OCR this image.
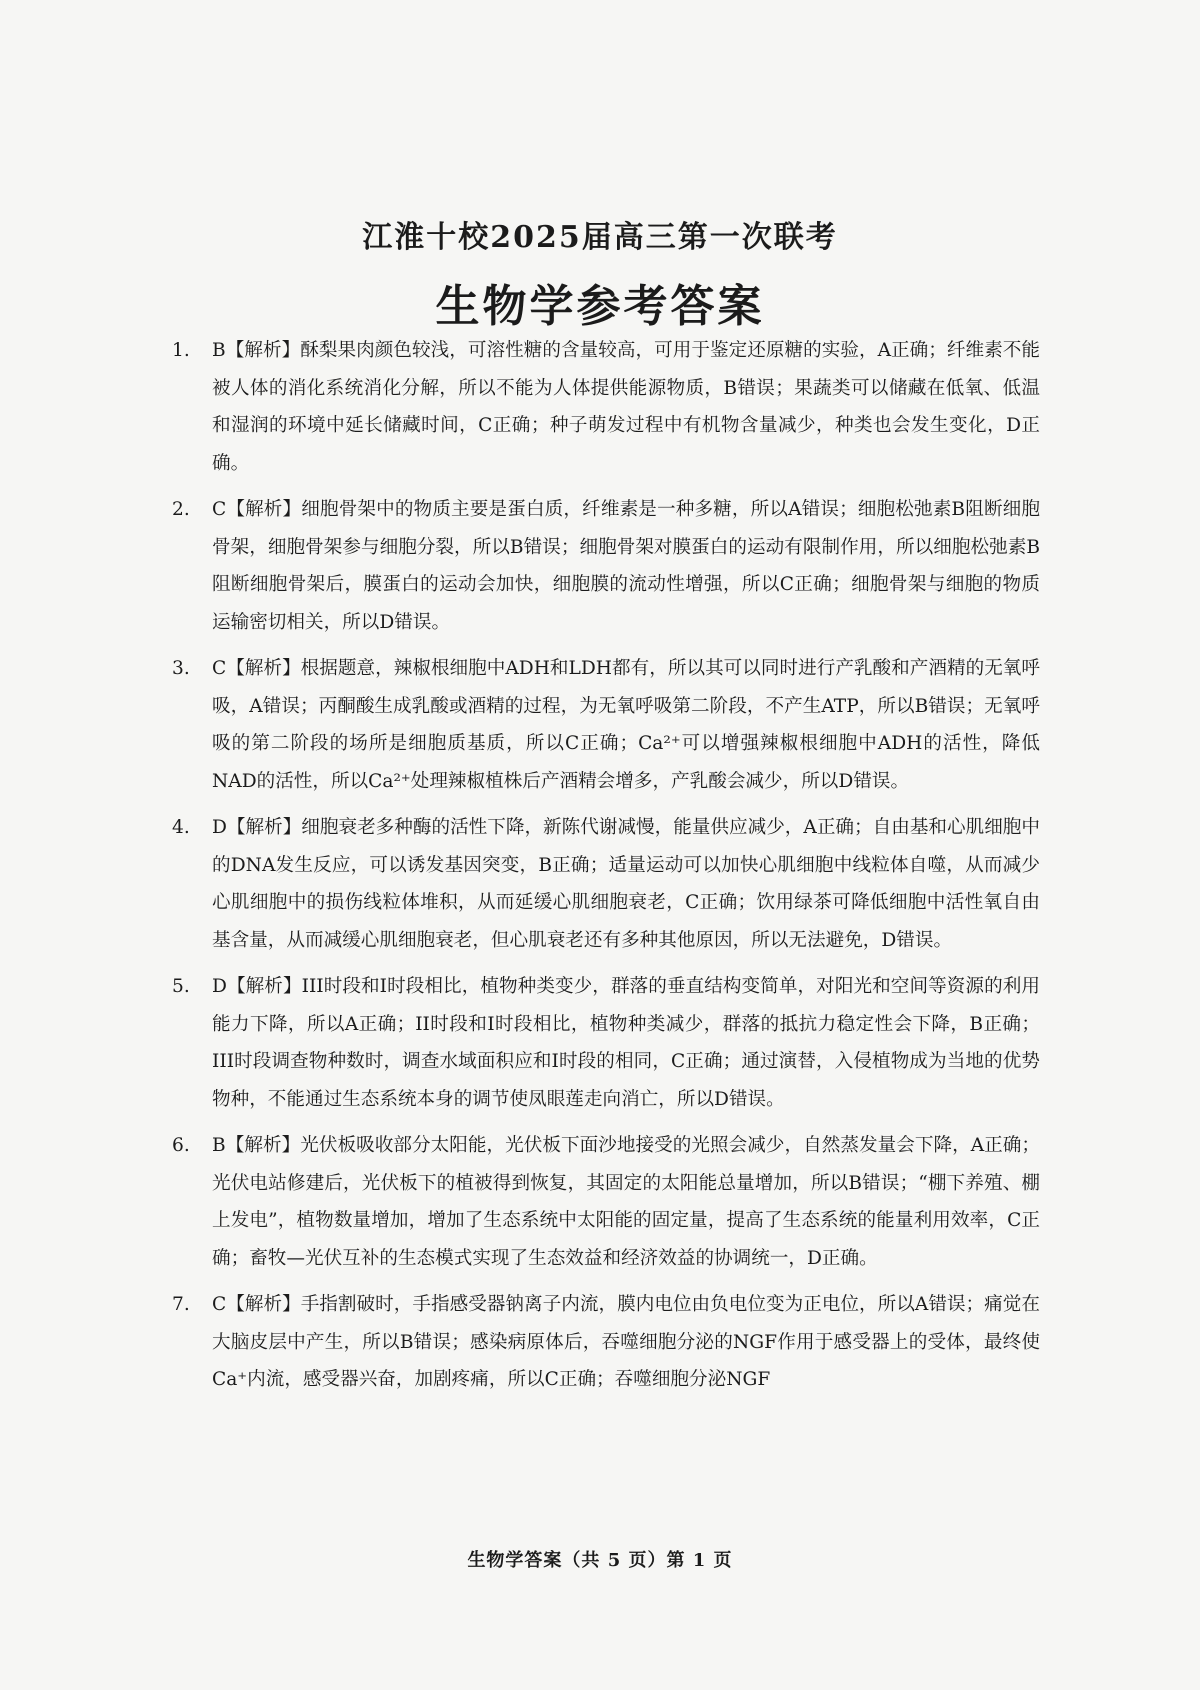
江淮十校2025届高三第一次联考
生物学参考答案
1. B【解析】酥梨果肉颜色较浅，可溶性糖的含量较高，可用于鉴定还原糖的实验，A正确；纤维素不能被人体的消化系统消化分解，所以不能为人体提供能源物质，B错误；果蔬类可以储藏在低氧、低温和湿润的环境中延长储藏时间，C正确；种子萌发过程中有机物含量减少，种类也会发生变化，D正确。
2. C【解析】细胞骨架中的物质主要是蛋白质，纤维素是一种多糖，所以A错误；细胞松弛素B阻断细胞骨架，细胞骨架参与细胞分裂，所以B错误；细胞骨架对膜蛋白的运动有限制作用，所以细胞松弛素B阻断细胞骨架后，膜蛋白的运动会加快，细胞膜的流动性增强，所以C正确；细胞骨架与细胞的物质运输密切相关，所以D错误。
3. C【解析】根据题意，辣椒根细胞中ADH和LDH都有，所以其可以同时进行产乳酸和产酒精的无氧呼吸，A错误；丙酮酸生成乳酸或酒精的过程，为无氧呼吸第二阶段，不产生ATP，所以B错误；无氧呼吸的第二阶段的场所是细胞质基质，所以C正确；Ca²⁺可以增强辣椒根细胞中ADH的活性，降低NAD的活性，所以Ca²⁺处理辣椒植株后产酒精会增多，产乳酸会减少，所以D错误。
4. D【解析】细胞衰老多种酶的活性下降，新陈代谢减慢，能量供应减少，A正确；自由基和心肌细胞中的DNA发生反应，可以诱发基因突变，B正确；适量运动可以加快心肌细胞中线粒体自噬，从而减少心肌细胞中的损伤线粒体堆积，从而延缓心肌细胞衰老，C正确；饮用绿茶可降低细胞中活性氧自由基含量，从而减缓心肌细胞衰老，但心肌衰老还有多种其他原因，所以无法避免，D错误。
5. D【解析】III时段和I时段相比，植物种类变少，群落的垂直结构变简单，对阳光和空间等资源的利用能力下降，所以A正确；II时段和I时段相比，植物种类减少，群落的抵抗力稳定性会下降，B正确；III时段调查物种数时，调查水域面积应和I时段的相同，C正确；通过演替，入侵植物成为当地的优势物种，不能通过生态系统本身的调节使凤眼莲走向消亡，所以D错误。
6. B【解析】光伏板吸收部分太阳能，光伏板下面沙地接受的光照会减少，自然蒸发量会下降，A正确；光伏电站修建后，光伏板下的植被得到恢复，其固定的太阳能总量增加，所以B错误；“棚下养殖、棚上发电”，植物数量增加，增加了生态系统中太阳能的固定量，提高了生态系统的能量利用效率，C正确；畜牧—光伏互补的生态模式实现了生态效益和经济效益的协调统一，D正确。
7. C【解析】手指割破时，手指感受器钠离子内流，膜内电位由负电位变为正电位，所以A错误；痛觉在大脑皮层中产生，所以B错误；感染病原体后，吞噬细胞分泌的NGF作用于感受器上的受体，最终使Ca⁺内流，感受器兴奋，加剧疼痛，所以C正确；吞噬细胞分泌NGF
生物学答案（共 5 页）第 1 页
